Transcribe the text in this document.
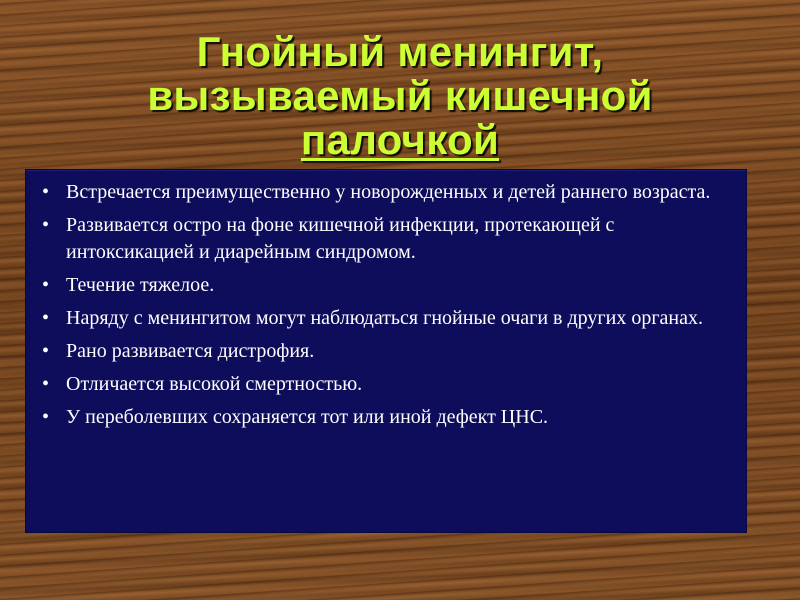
Гнойный менингит,
вызываемый кишечной
палочкой
• Встречается преимущественно у новорожденных и детей раннего возраста.
• Развивается остро на фоне кишечной инфекции, протекающей с интоксикацией и диарейным синдромом.
• Течение тяжелое.
• Наряду с менингитом могут наблюдаться гнойные очаги в других органах.
• Рано развивается дистрофия.
• Отличается высокой смертностью.
• У переболевших сохраняется тот или иной дефект ЦНС.
